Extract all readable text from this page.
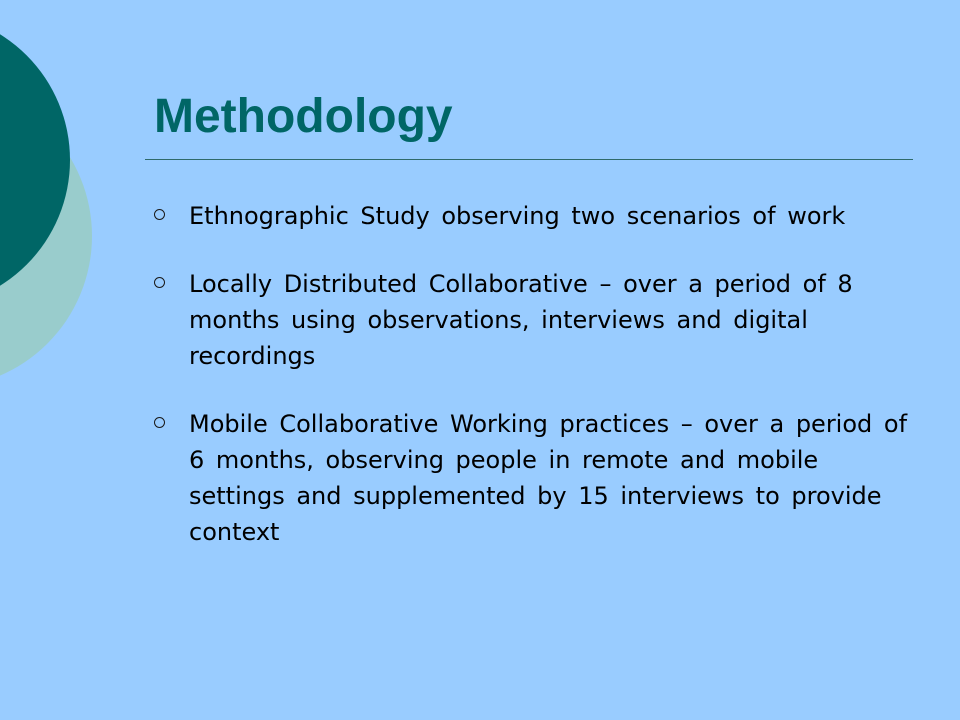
Methodology
Ethnographic Study observing two scenarios of work
Locally Distributed Collaborative – over a period of 8 months using observations, interviews and digital recordings
Mobile Collaborative Working practices – over a period of 6 months, observing people in remote and mobile settings and supplemented by 15 interviews to provide context
